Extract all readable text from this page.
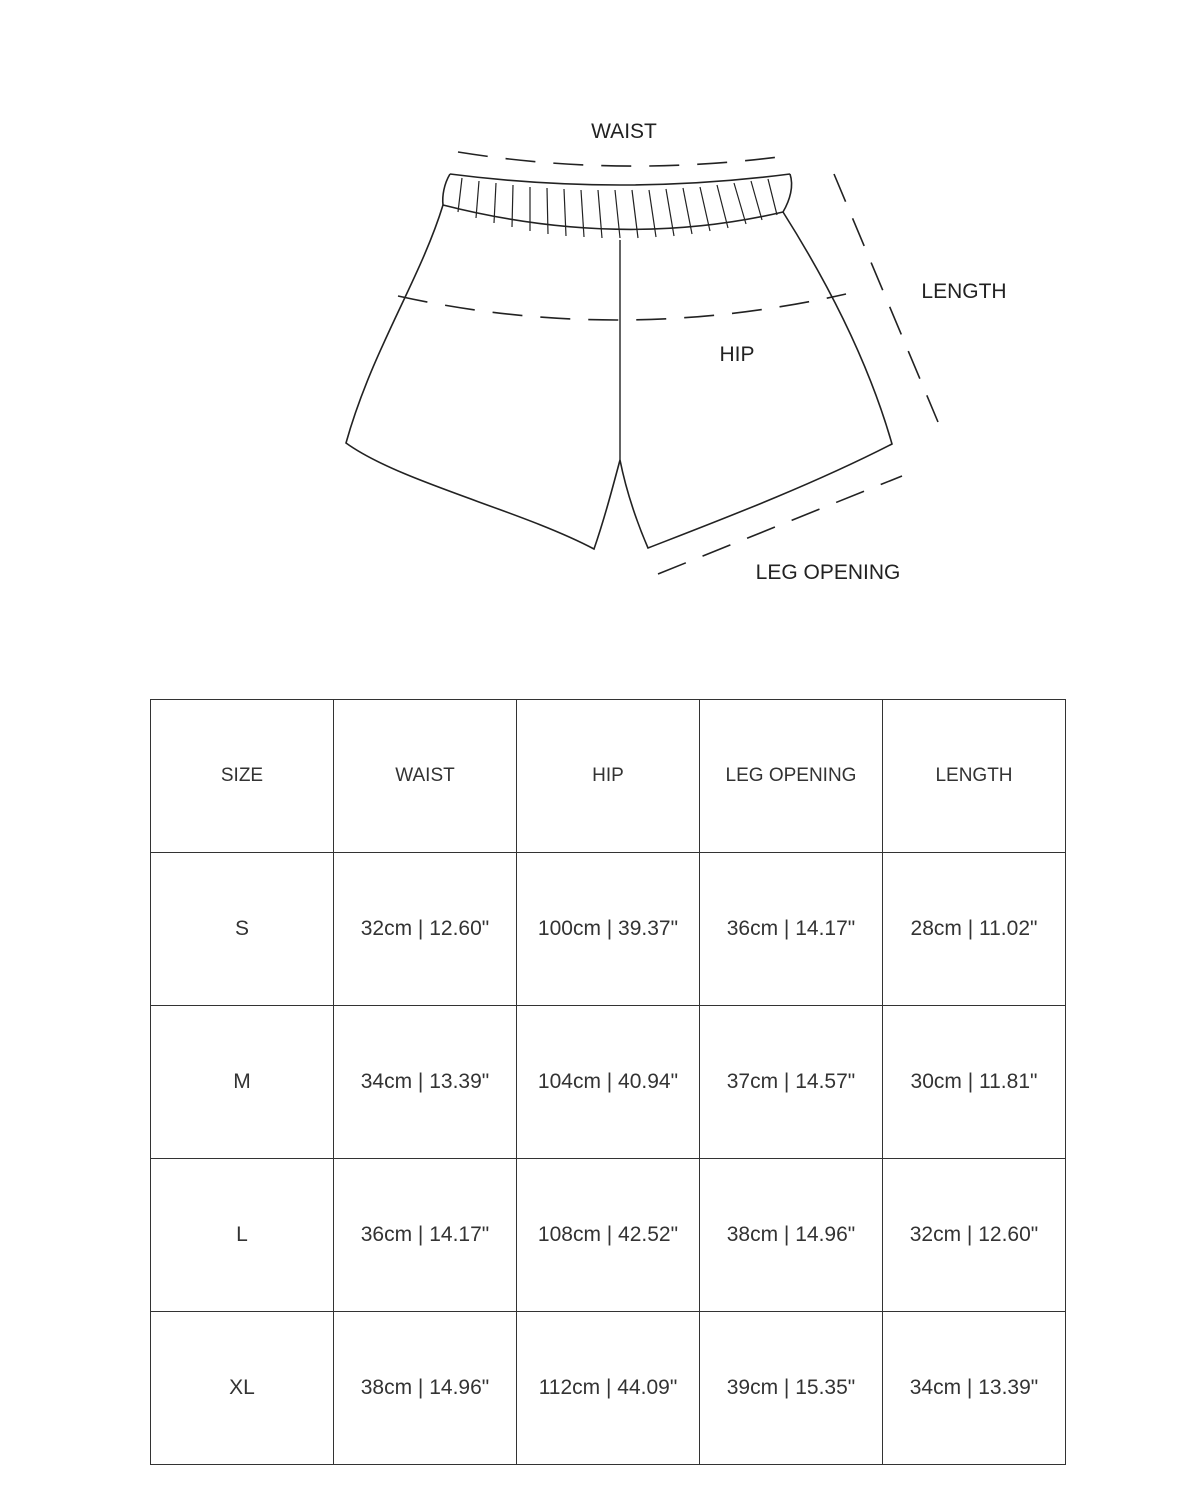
WAIST
LENGTH
HIP
LEG OPENING
SIZE	WAIST	HIP	LEG OPENING	LENGTH
S	32cm | 12.60"	100cm | 39.37"	36cm | 14.17"	28cm | 11.02"
M	34cm | 13.39"	104cm | 40.94"	37cm | 14.57"	30cm | 11.81"
L	36cm | 14.17"	108cm | 42.52"	38cm | 14.96"	32cm | 12.60"
XL	38cm | 14.96"	112cm | 44.09"	39cm | 15.35"	34cm | 13.39"
